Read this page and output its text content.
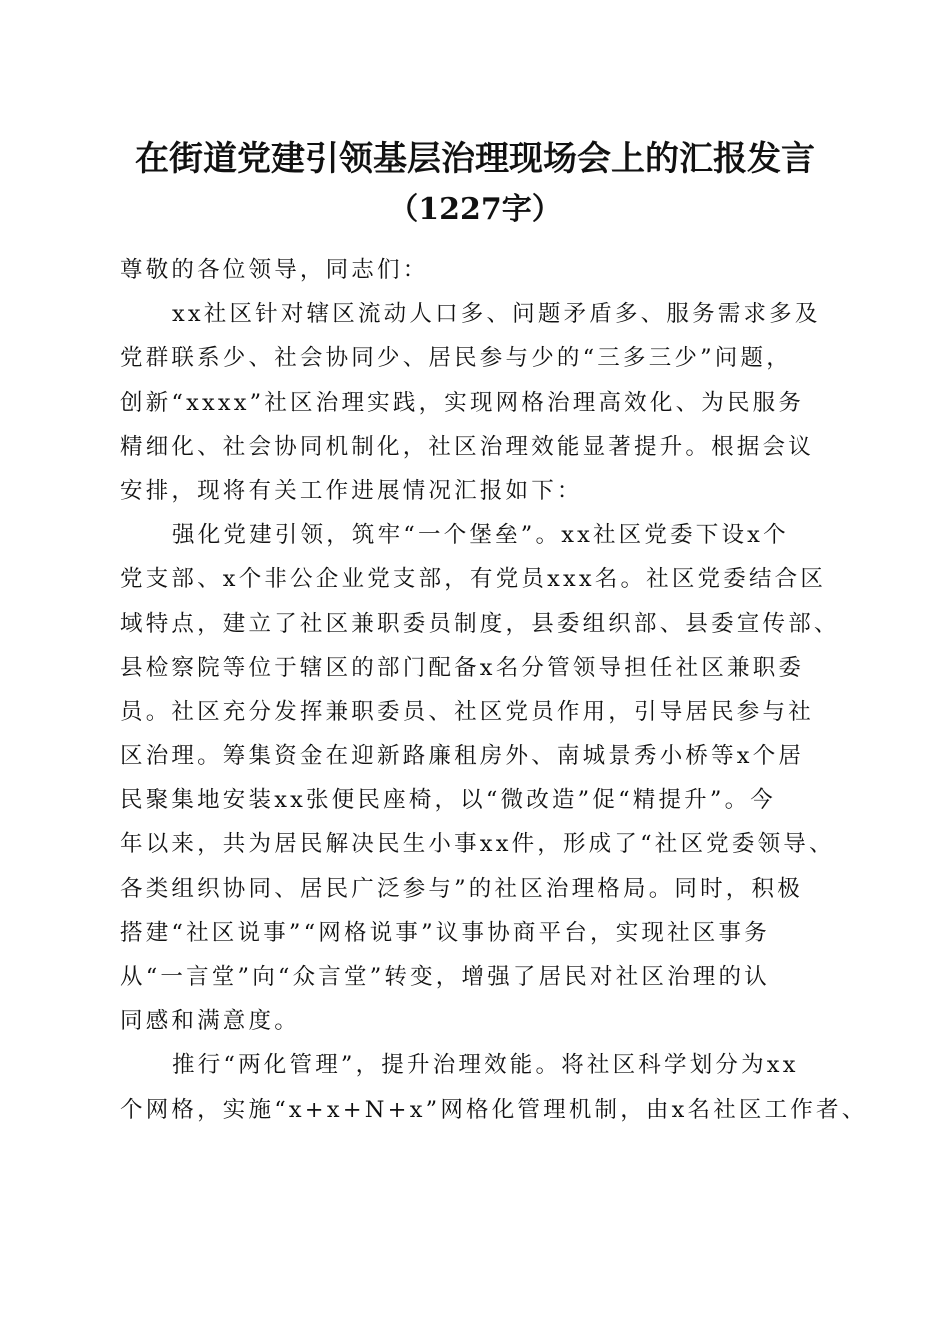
在街道党建引领基层治理现场会上的汇报发言
（1227字）
尊敬的各位领导，同志们：
xx社区针对辖区流动人口多、问题矛盾多、服务需求多及
党群联系少、社会协同少、居民参与少的“三多三少”问题，
创新“xxxx”社区治理实践，实现网格治理高效化、为民服务
精细化、社会协同机制化，社区治理效能显著提升。根据会议
安排，现将有关工作进展情况汇报如下：
强化党建引领，筑牢“一个堡垒”。xx社区党委下设x个
党支部、x个非公企业党支部，有党员xxx名。社区党委结合区
域特点，建立了社区兼职委员制度，县委组织部、县委宣传部、
县检察院等位于辖区的部门配备x名分管领导担任社区兼职委
员。社区充分发挥兼职委员、社区党员作用，引导居民参与社
区治理。筹集资金在迎新路廉租房外、南城景秀小桥等x个居
民聚集地安装xx张便民座椅，以“微改造”促“精提升”。今
年以来，共为居民解决民生小事xx件，形成了“社区党委领导、
各类组织协同、居民广泛参与”的社区治理格局。同时，积极
搭建“社区说事”“网格说事”议事协商平台，实现社区事务
从“一言堂”向“众言堂”转变，增强了居民对社区治理的认
同感和满意度。
推行“两化管理”，提升治理效能。将社区科学划分为xx
个网格，实施“x+x+N+x”网格化管理机制，由x名社区工作者、
